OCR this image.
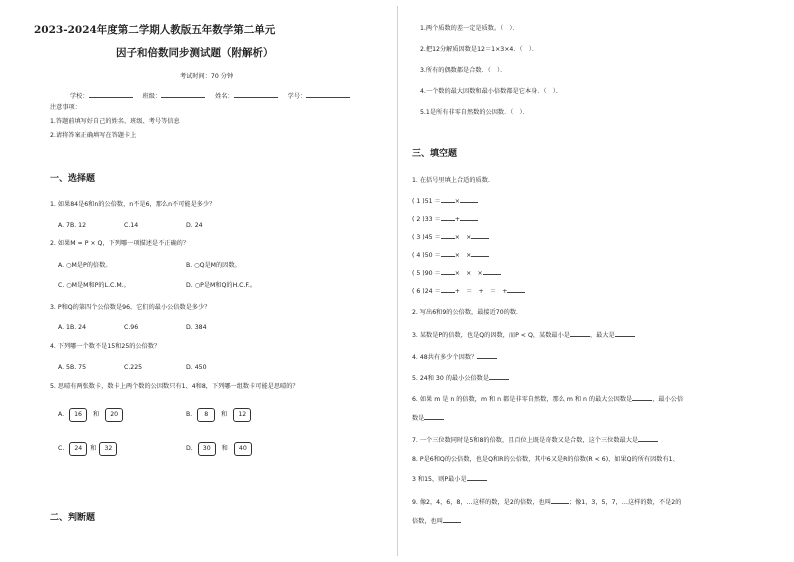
2023-2024年度第二学期人教版五年数学第二单元
因子和倍数同步测试题（附解析）
考试时间：70 分钟
学校：	班级：	姓名：	学号：
注意事项：
1.答题前填写好自己的姓名、班级、考号等信息
2.请将答案正确填写在答题卡上
一、选择题
1. 如果84是6和n的公倍数，n不是6，那么n不可能是多少？
A. 7B. 12	C.14	D. 24
2. 如果M = P × Q，下列哪一项描述是不正确的？
A. ○M是P的倍数。	B. ○Q是M的因数。
C. ○M是M和P的L.C.M.。	D. ○P是M和Q的H.C.F.。
3. P和Q的第四个公倍数是96，它们的最小公倍数是多少？
A. 1B. 24	C.96	D. 384
4. 下列哪一个数不是15和25的公倍数？
A. 5B. 75	C.225	D. 450
5. 思晴有两张数卡，数卡上两个数的公因数只有1、4和8，下列哪一组数卡可能是思晴的？
A. 16 和 20	B. 8 和 12
C. 24 和 32	D. 30 和 40
二、判断题
1.两个质数的差一定是质数。（　）．
2.把12分解质因数是12＝1×3×4．（　）．
3.所有的偶数都是合数．（　）．
4.一个数的最大因数和最小倍数都是它本身．（　）．
5.1是所有非零自然数的公因数．（　）．
三、填空题
1. 在括号里填上合适的质数.
( 1 )51 ＝ ×
( 2 )33 ＝ +
( 3 )45 ＝ ×　×
( 4 )50 ＝ ×　×
( 5 )90 ＝ ×　×　×
( 6 )24 ＝ +　＝　+　＝　+
2. 写出6和9的公倍数，最接近70的数.
3. 某数是P的倍数，也是Q的因数，而P < Q，某数最小是	，最大是
4. 48共有多少个因数？
5. 24和 30 的最小公倍数是
6. 如果 m 是 n 的倍数，m 和 n 都是非零自然数，那么 m 和 n 的最大公因数是	，最小公倍
数是
7. 一个三位数同时是5和8的倍数，且百位上既是奇数又是合数，这个三位数最大是
8. P是6和Q的公倍数，也是Q和R的公倍数，其中6又是R的倍数(R < 6)，如果Q的所有因数有1、
3 和15，则P最小是
9. 像2，4，6，8，…这样的数，是2的倍数，也叫	；像1，3，5，7，…这样的数，不是2的
倍数，也叫
